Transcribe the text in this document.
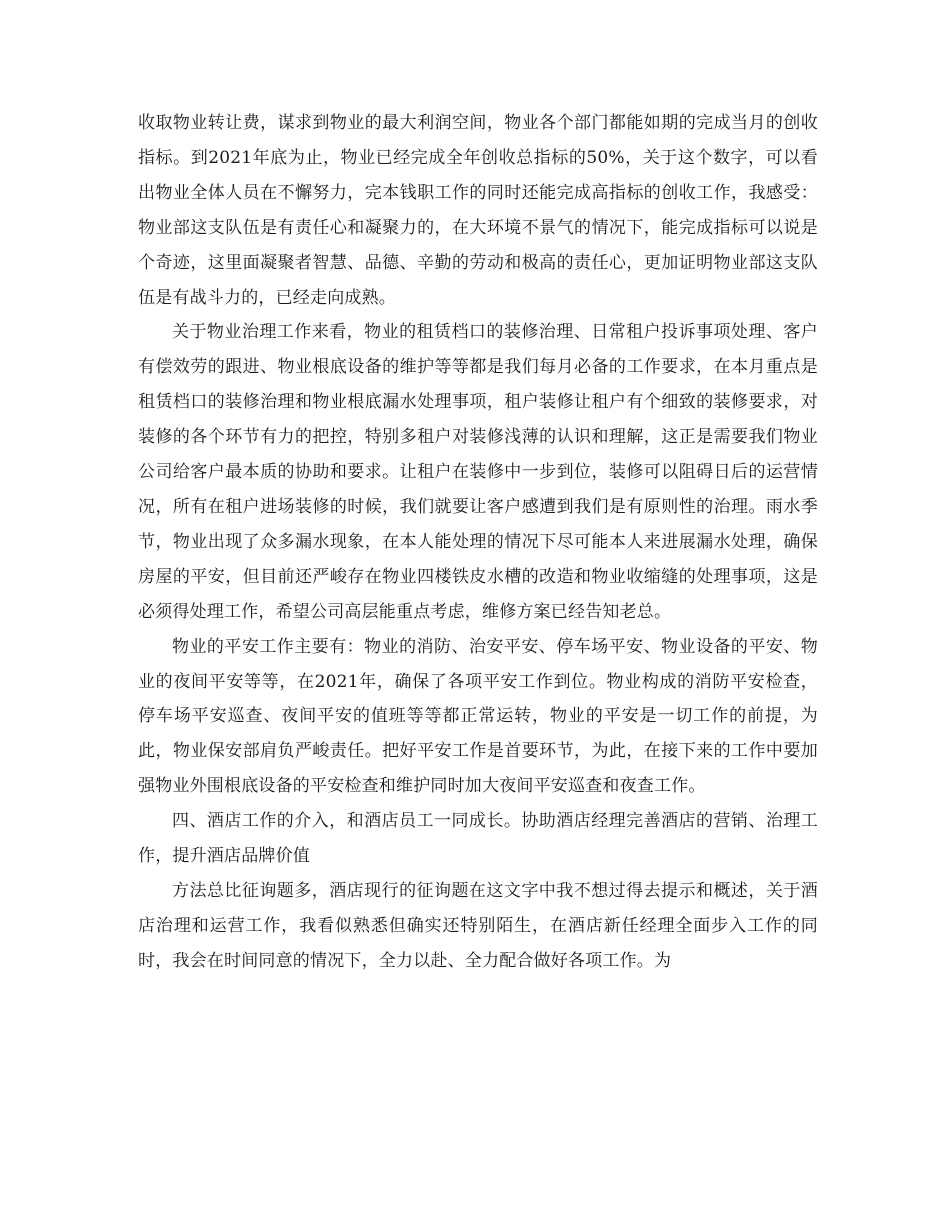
收取物业转让费，谋求到物业的最大利润空间，物业各个部门都能如期的完成当月的创收指标。到2021年底为止，物业已经完成全年创收总指标的50%，关于这个数字，可以看出物业全体人员在不懈努力，完本钱职工作的同时还能完成高指标的创收工作，我感受：物业部这支队伍是有责任心和凝聚力的，在大环境不景气的情况下，能完成指标可以说是个奇迹，这里面凝聚者智慧、品德、辛勤的劳动和极高的责任心，更加证明物业部这支队伍是有战斗力的，已经走向成熟。

关于物业治理工作来看，物业的租赁档口的装修治理、日常租户投诉事项处理、客户有偿效劳的跟进、物业根底设备的维护等等都是我们每月必备的工作要求，在本月重点是租赁档口的装修治理和物业根底漏水处理事项，租户装修让租户有个细致的装修要求，对装修的各个环节有力的把控，特别多租户对装修浅薄的认识和理解，这正是需要我们物业公司给客户最本质的协助和要求。让租户在装修中一步到位，装修可以阻碍日后的运营情况，所有在租户进场装修的时候，我们就要让客户感遭到我们是有原则性的治理。雨水季节，物业出现了众多漏水现象，在本人能处理的情况下尽可能本人来进展漏水处理，确保房屋的平安，但目前还严峻存在物业四楼铁皮水槽的改造和物业收缩缝的处理事项，这是必须得处理工作，希望公司高层能重点考虑，维修方案已经告知老总。

物业的平安工作主要有：物业的消防、治安平安、停车场平安、物业设备的平安、物业的夜间平安等等，在2021年，确保了各项平安工作到位。物业构成的消防平安检查，停车场平安巡查、夜间平安的值班等等都正常运转，物业的平安是一切工作的前提，为此，物业保安部肩负严峻责任。把好平安工作是首要环节，为此，在接下来的工作中要加强物业外围根底设备的平安检查和维护同时加大夜间平安巡查和夜查工作。

四、酒店工作的介入，和酒店员工一同成长。协助酒店经理完善酒店的营销、治理工作，提升酒店品牌价值

方法总比征询题多，酒店现行的征询题在这文字中我不想过得去提示和概述，关于酒店治理和运营工作，我看似熟悉但确实还特别陌生，在酒店新任经理全面步入工作的同时，我会在时间同意的情况下，全力以赴、全力配合做好各项工作。为
